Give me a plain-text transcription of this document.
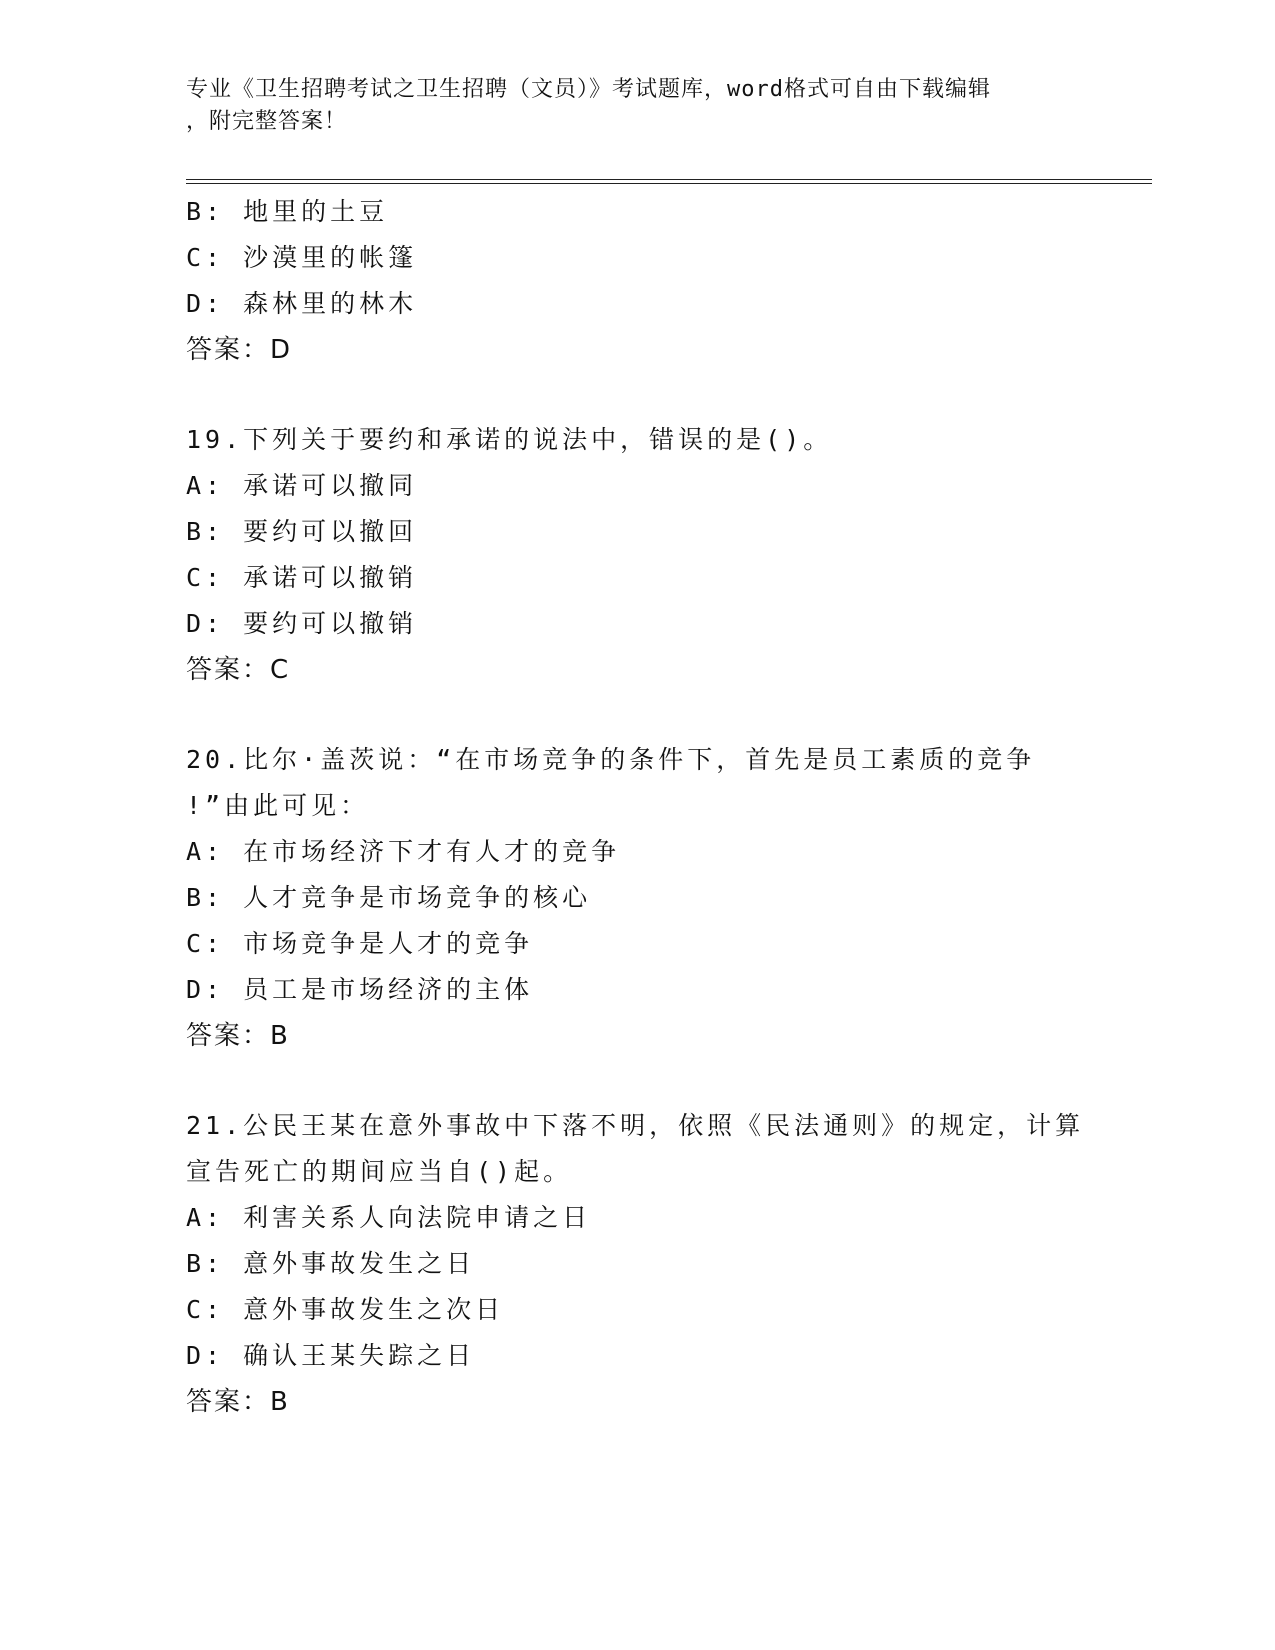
专业《卫生招聘考试之卫生招聘（文员）》考试题库，word格式可自由下载编辑
，附完整答案！

B: 地里的土豆

C: 沙漠里的帐篷

D: 森林里的林木

答案：D

19.下列关于要约和承诺的说法中，错误的是()。

A: 承诺可以撤同

B: 要约可以撤回

C: 承诺可以撤销

D: 要约可以撤销

答案：C

20.比尔·盖茨说：“在市场竞争的条件下，首先是员工素质的竞争

!”由此可见：

A: 在市场经济下才有人才的竞争

B: 人才竞争是市场竞争的核心

C: 市场竞争是人才的竞争

D: 员工是市场经济的主体

答案：B

21.公民王某在意外事故中下落不明，依照《民法通则》的规定，计算

宣告死亡的期间应当自()起。

A: 利害关系人向法院申请之日

B: 意外事故发生之日

C: 意外事故发生之次日

D: 确认王某失踪之日

答案：B
